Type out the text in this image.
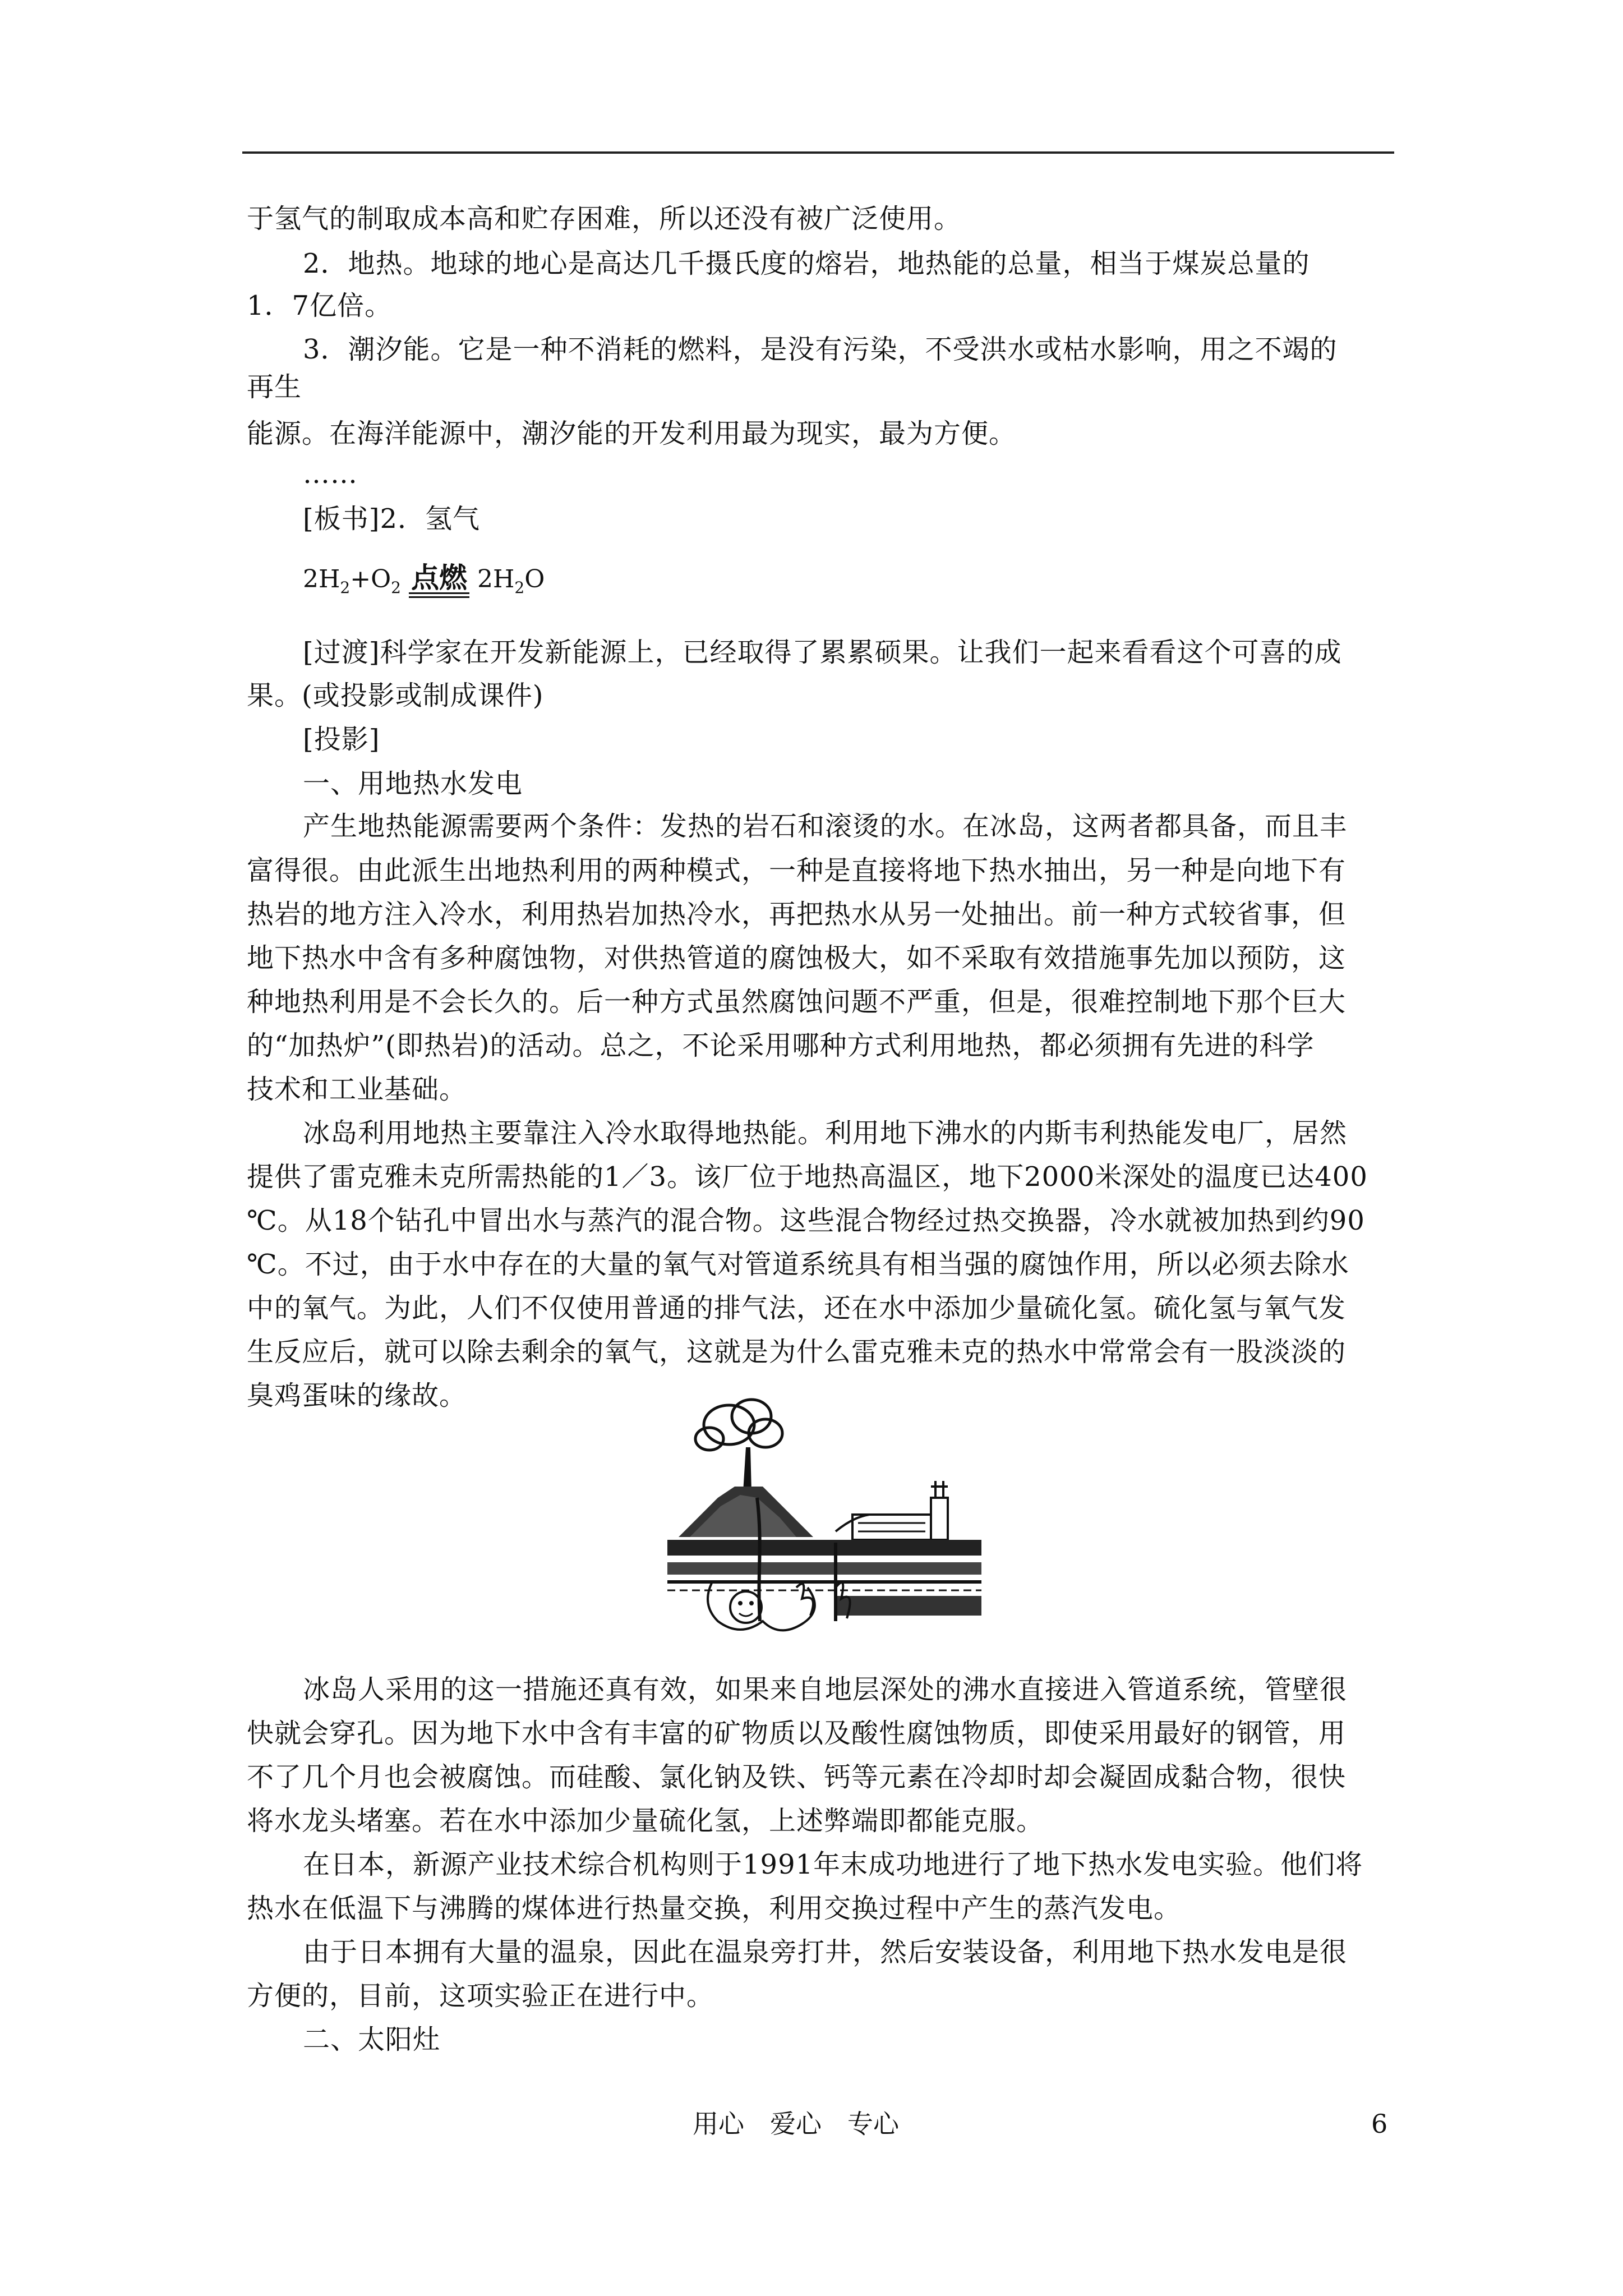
于氢气的制取成本高和贮存困难，所以还没有被广泛使用。
2．地热。地球的地心是高达几千摄氏度的熔岩，地热能的总量，相当于煤炭总量的
1．7亿倍。
3．潮汐能。它是一种不消耗的燃料，是没有污染，不受洪水或枯水影响，用之不竭的
再生
能源。在海洋能源中，潮汐能的开发利用最为现实，最为方便。
……
[板书]2．氢气
$2H_2+O_2$ 点燃 $2H_2O$
[过渡]科学家在开发新能源上，已经取得了累累硕果。让我们一起来看看这个可喜的成
果。(或投影或制成课件)
[投影]
一、用地热水发电
产生地热能源需要两个条件：发热的岩石和滚烫的水。在冰岛，这两者都具备，而且丰
富得很。由此派生出地热利用的两种模式，一种是直接将地下热水抽出，另一种是向地下有
热岩的地方注入冷水，利用热岩加热冷水，再把热水从另一处抽出。前一种方式较省事，但
地下热水中含有多种腐蚀物，对供热管道的腐蚀极大，如不采取有效措施事先加以预防，这
种地热利用是不会长久的。后一种方式虽然腐蚀问题不严重，但是，很难控制地下那个巨大
的“加热炉”(即热岩)的活动。总之，不论采用哪种方式利用地热，都必须拥有先进的科学
技术和工业基础。
冰岛利用地热主要靠注入冷水取得地热能。利用地下沸水的内斯韦利热能发电厂，居然
提供了雷克雅未克所需热能的1／3。该厂位于地热高温区，地下2000米深处的温度已达400
℃。从18个钻孔中冒出水与蒸汽的混合物。这些混合物经过热交换器，冷水就被加热到约90
℃。不过，由于水中存在的大量的氧气对管道系统具有相当强的腐蚀作用，所以必须去除水
中的氧气。为此，人们不仅使用普通的排气法，还在水中添加少量硫化氢。硫化氢与氧气发
生反应后，就可以除去剩余的氧气，这就是为什么雷克雅未克的热水中常常会有一股淡淡的
臭鸡蛋味的缘故。
冰岛人采用的这一措施还真有效，如果来自地层深处的沸水直接进入管道系统，管壁很
快就会穿孔。因为地下水中含有丰富的矿物质以及酸性腐蚀物质，即使采用最好的钢管，用
不了几个月也会被腐蚀。而硅酸、氯化钠及铁、钙等元素在冷却时却会凝固成黏合物，很快
将水龙头堵塞。若在水中添加少量硫化氢，上述弊端即都能克服。
在日本，新源产业技术综合机构则于1991年末成功地进行了地下热水发电实验。他们将
热水在低温下与沸腾的煤体进行热量交换，利用交换过程中产生的蒸汽发电。
由于日本拥有大量的温泉，因此在温泉旁打井，然后安装设备，利用地下热水发电是很
方便的，目前，这项实验正在进行中。
二、太阳灶
用心　爱心　专心	6
